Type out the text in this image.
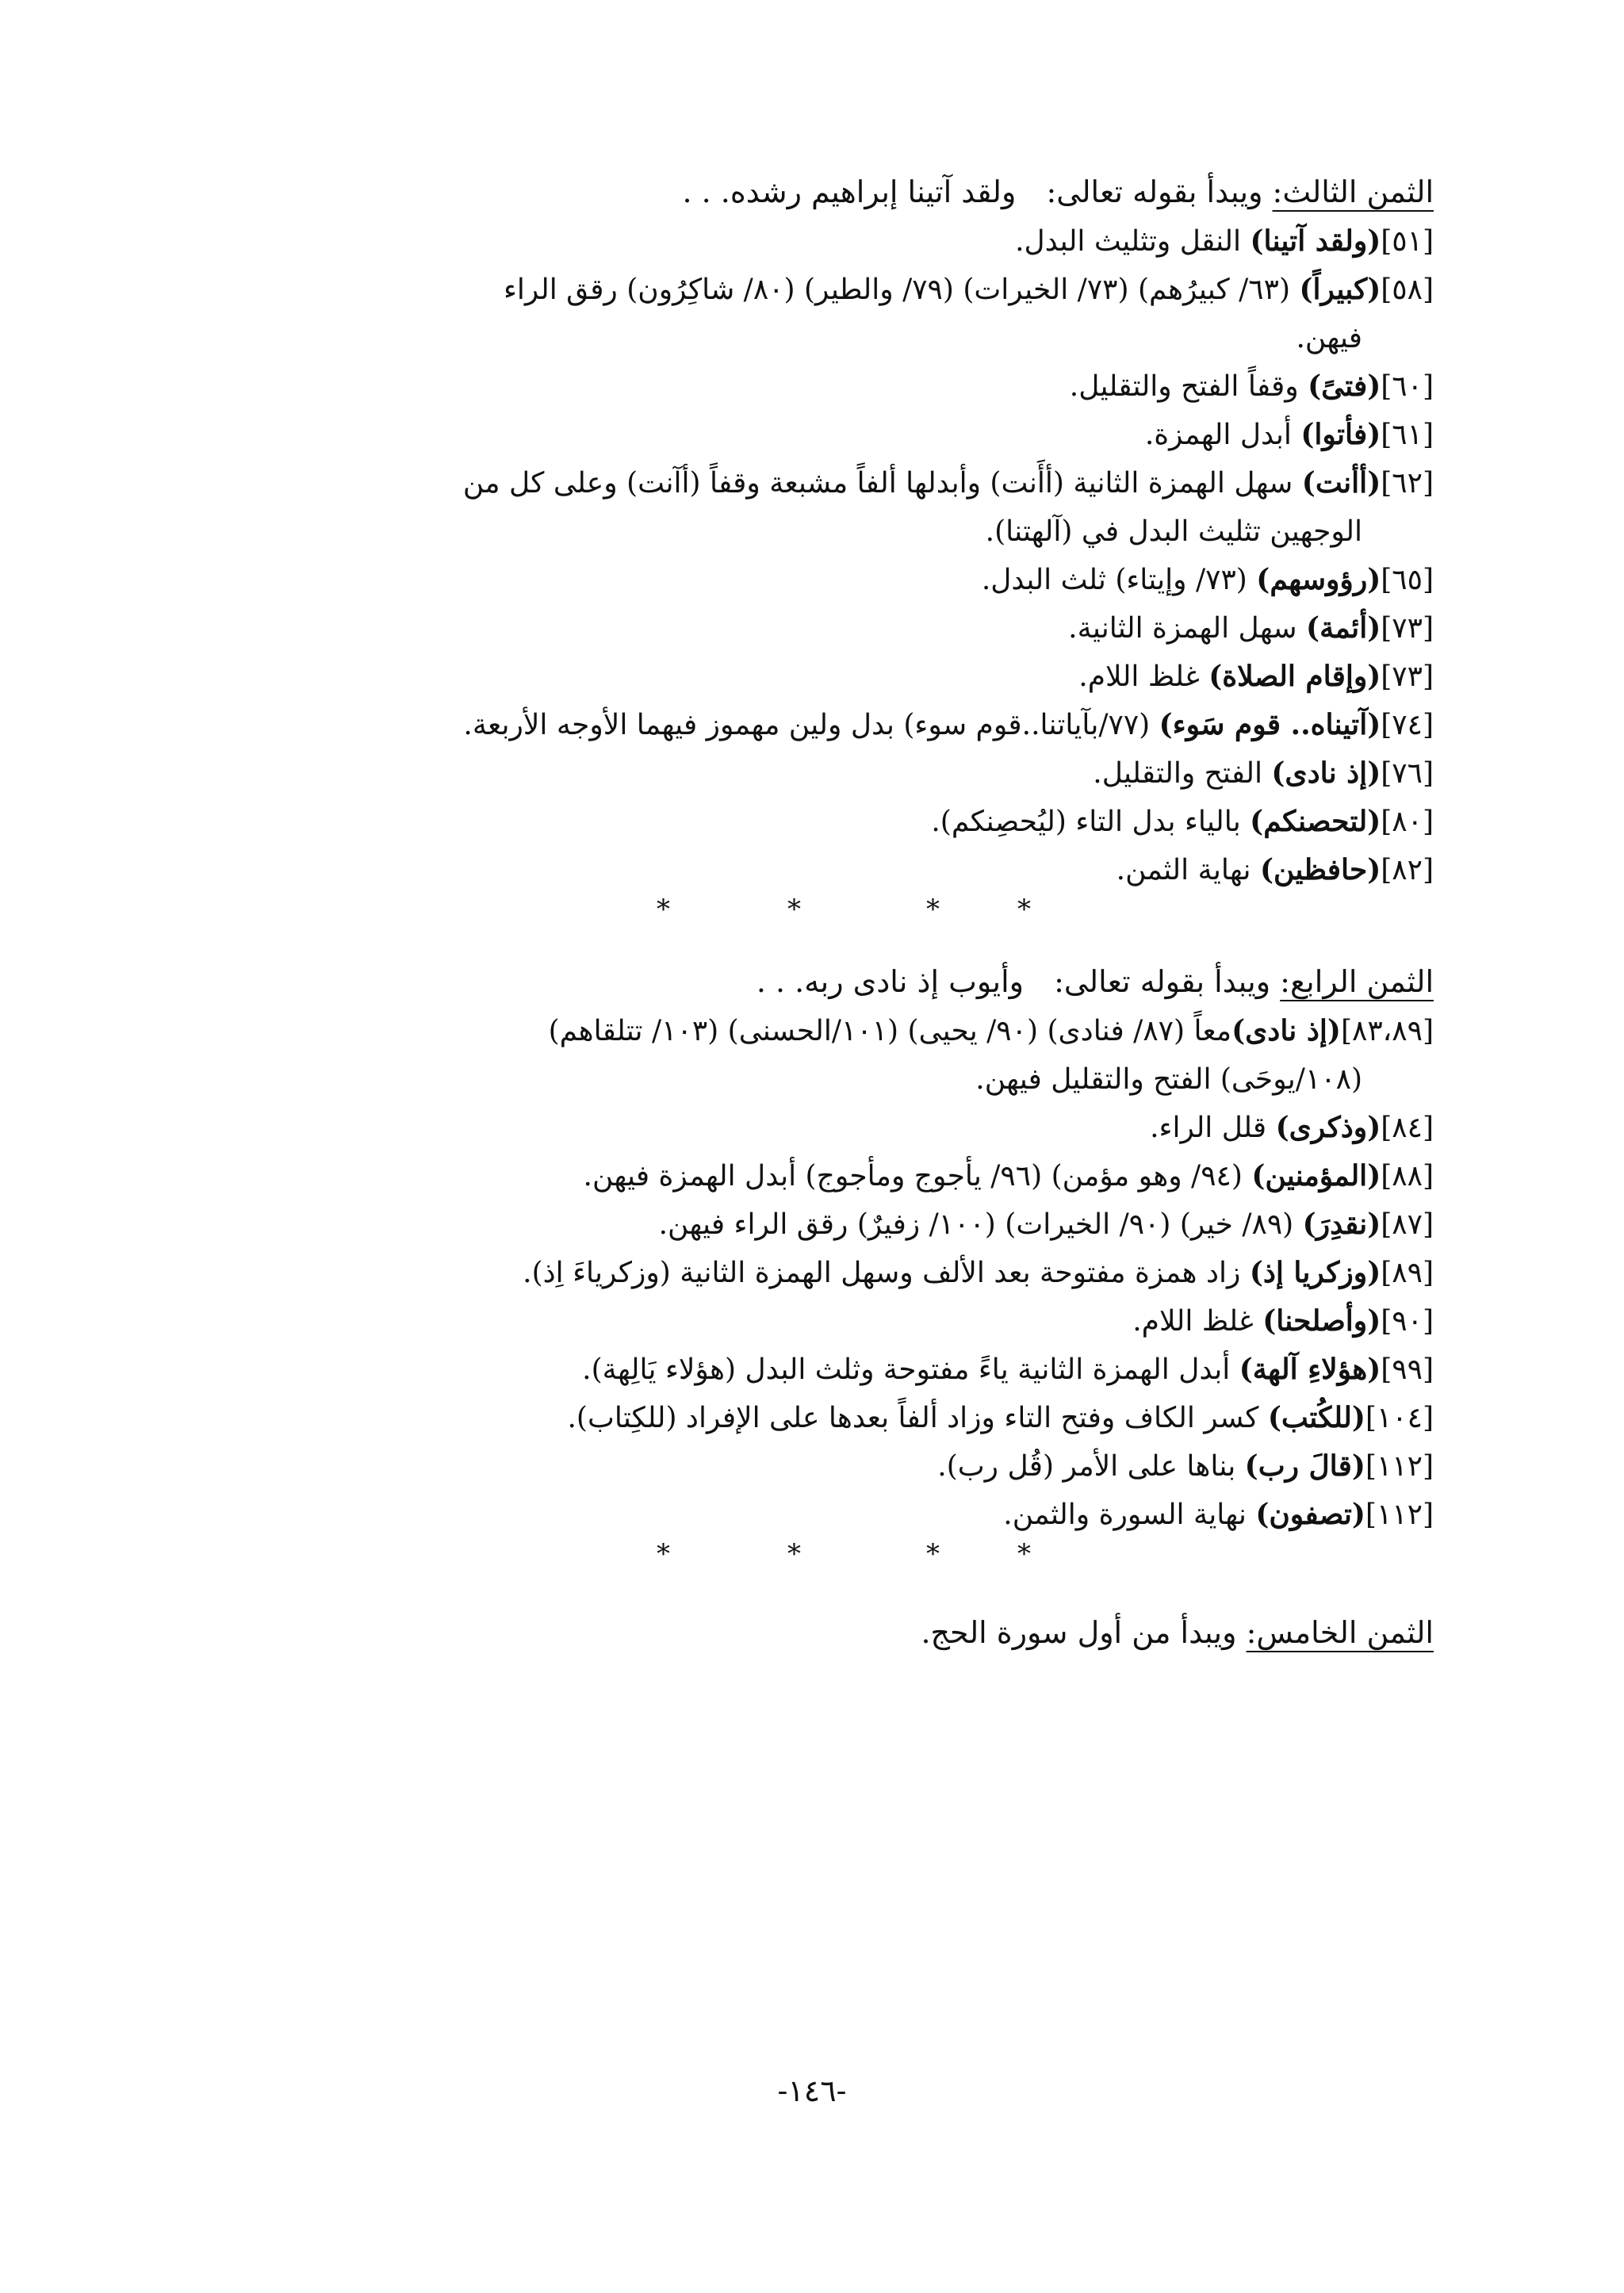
الثمن الثالث: ويبدأ بقوله تعالى: ولقد آتينا إبراهيم رشده. . .

[٥١](ولقد آتينا) النقل وتثليث البدل.

[٥٨](كبيراً) (٦٣/ كبيرُهم) (٧٣/ الخيرات) (٧٩/ والطير) (٨٠/ شاكِرُون) رقق الراء

فيهن.

[٦٠](فتىً) وقفاً الفتح والتقليل.

[٦١](فأتوا) أبدل الهمزة.

[٦٢](أأنت) سهل الهمزة الثانية (أأَنت) وأبدلها ألفاً مشبعة وقفاً (أآنت) وعلى كل من

الوجهين تثليث البدل في (آلهتنا).

[٦٥](رؤوسهم) (٧٣/ وإيتاء) ثلث البدل.

[٧٣](أئمة) سهل الهمزة الثانية.

[٧٣](وإقام الصلاة) غلظ اللام.

[٧٤](آتيناه.. قوم سَوء) (٧٧/بآياتنا..قوم سوء) بدل ولين مهموز فيهما الأوجه الأربعة.

[٧٦](إذ نادى) الفتح والتقليل.

[٨٠](لتحصنكم) بالياء بدل التاء (ليُحصِنكم).

[٨٢](حافظين) نهاية الثمن.

*	*	*	*

الثمن الرابع: ويبدأ بقوله تعالى: وأيوب إذ نادى ربه. . .

[٨٣،٨٩](إذ نادى)معاً (٨٧/ فنادى) (٩٠/ يحيى) (١٠١/الحسنى) (١٠٣/ تتلقاهم)

(١٠٨/يوحَى) الفتح والتقليل فيهن.

[٨٤](وذكرى) قلل الراء.

[٨٨](المؤمنين) (٩٤/ وهو مؤمن) (٩٦/ يأجوج ومأجوج) أبدل الهمزة فيهن.

[٨٧](نقدِرَ) (٨٩/ خير) (٩٠/ الخيرات) (١٠٠/ زفيرٌ) رقق الراء فيهن.

[٨٩](وزكريا إذ) زاد همزة مفتوحة بعد الألف وسهل الهمزة الثانية (وزكرياءَ اِذ).

[٩٠](وأصلحنا) غلظ اللام.

[٩٩](هؤلاءِ آلهة) أبدل الهمزة الثانية ياءً مفتوحة وثلث البدل (هؤلاء يَالِهة).

[١٠٤](للكُتب) كسر الكاف وفتح التاء وزاد ألفاً بعدها على الإفراد (للكِتاب).

[١١٢](قالَ رب) بناها على الأمر (قُل رب).

[١١٢](تصفون) نهاية السورة والثمن.

*	*	*	*

الثمن الخامس: ويبدأ من أول سورة الحج.

-١٤٦-
